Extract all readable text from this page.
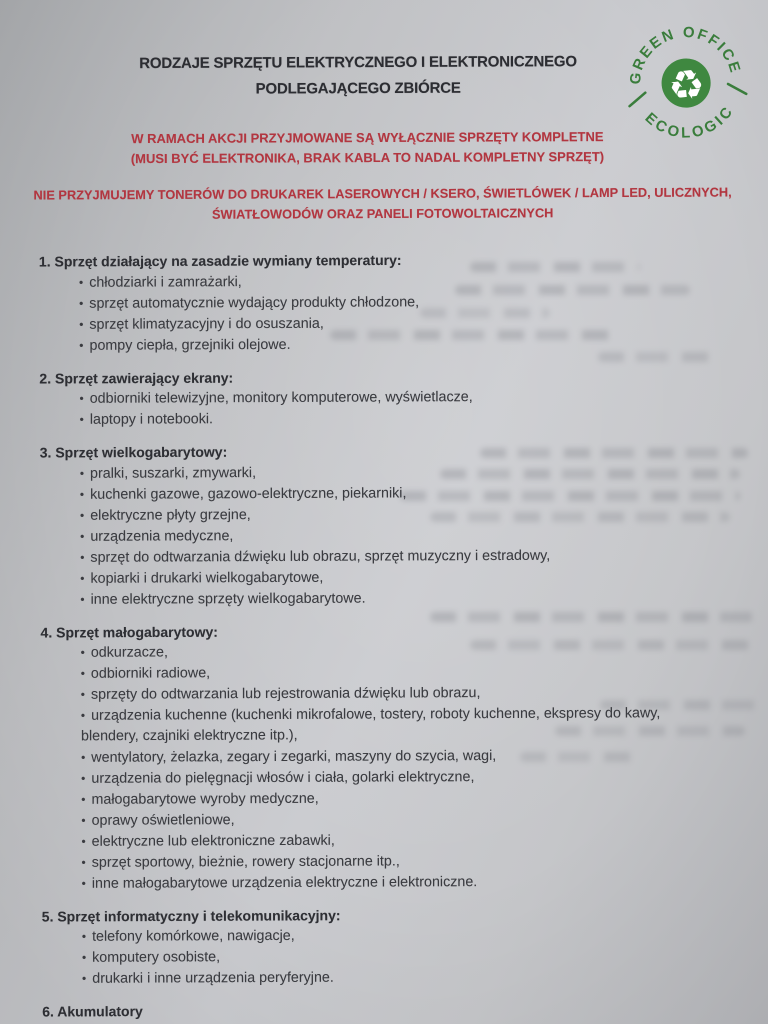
RODZAJE SPRZĘTU ELEKTRYCZNEGO I ELEKTRONICZNEGO
PODLEGAJĄCEGO ZBIÓRCE
W RAMACH AKCJI PRZYJMOWANE SĄ WYŁĄCZNIE SPRZĘTY KOMPLETNE
(MUSI BYĆ ELEKTRONIKA, BRAK KABLA TO NADAL KOMPLETNY SPRZĘT)
NIE PRZYJMUJEMY TONERÓW DO DRUKAREK LASEROWYCH / KSERO, ŚWIETLÓWEK / LAMP LED, ULICZNYCH,
ŚWIATŁOWODÓW ORAZ PANELI FOTOWOLTAICZNYCH
1. Sprzęt działający na zasadzie wymiany temperatury:
• chłodziarki i zamrażarki,
• sprzęt automatycznie wydający produkty chłodzone,
• sprzęt klimatyzacyjny i do osuszania,
• pompy ciepła, grzejniki olejowe.
2. Sprzęt zawierający ekrany:
• odbiorniki telewizyjne, monitory komputerowe, wyświetlacze,
• laptopy i notebooki.
3. Sprzęt wielkogabarytowy:
• pralki, suszarki, zmywarki,
• kuchenki gazowe, gazowo-elektryczne, piekarniki,
• elektryczne płyty grzejne,
• urządzenia medyczne,
• sprzęt do odtwarzania dźwięku lub obrazu, sprzęt muzyczny i estradowy,
• kopiarki i drukarki wielkogabarytowe,
• inne elektryczne sprzęty wielkogabarytowe.
4. Sprzęt małogabarytowy:
• odkurzacze,
• odbiorniki radiowe,
• sprzęty do odtwarzania lub rejestrowania dźwięku lub obrazu,
• urządzenia kuchenne (kuchenki mikrofalowe, tostery, roboty kuchenne, ekspresy do kawy, blendery, czajniki elektryczne itp.),
• wentylatory, żelazka, zegary i zegarki, maszyny do szycia, wagi,
• urządzenia do pielęgnacji włosów i ciała, golarki elektryczne,
• małogabarytowe wyroby medyczne,
• oprawy oświetleniowe,
• elektryczne lub elektroniczne zabawki,
• sprzęt sportowy, bieżnie, rowery stacjonarne itp.,
• inne małogabarytowe urządzenia elektryczne i elektroniczne.
5. Sprzęt informatyczny i telekomunikacyjny:
• telefony komórkowe, nawigacje,
• komputery osobiste,
• drukarki i inne urządzenia peryferyjne.
6. Akumulatory
♻
GREEN OFFICE
ECOLOGIC
